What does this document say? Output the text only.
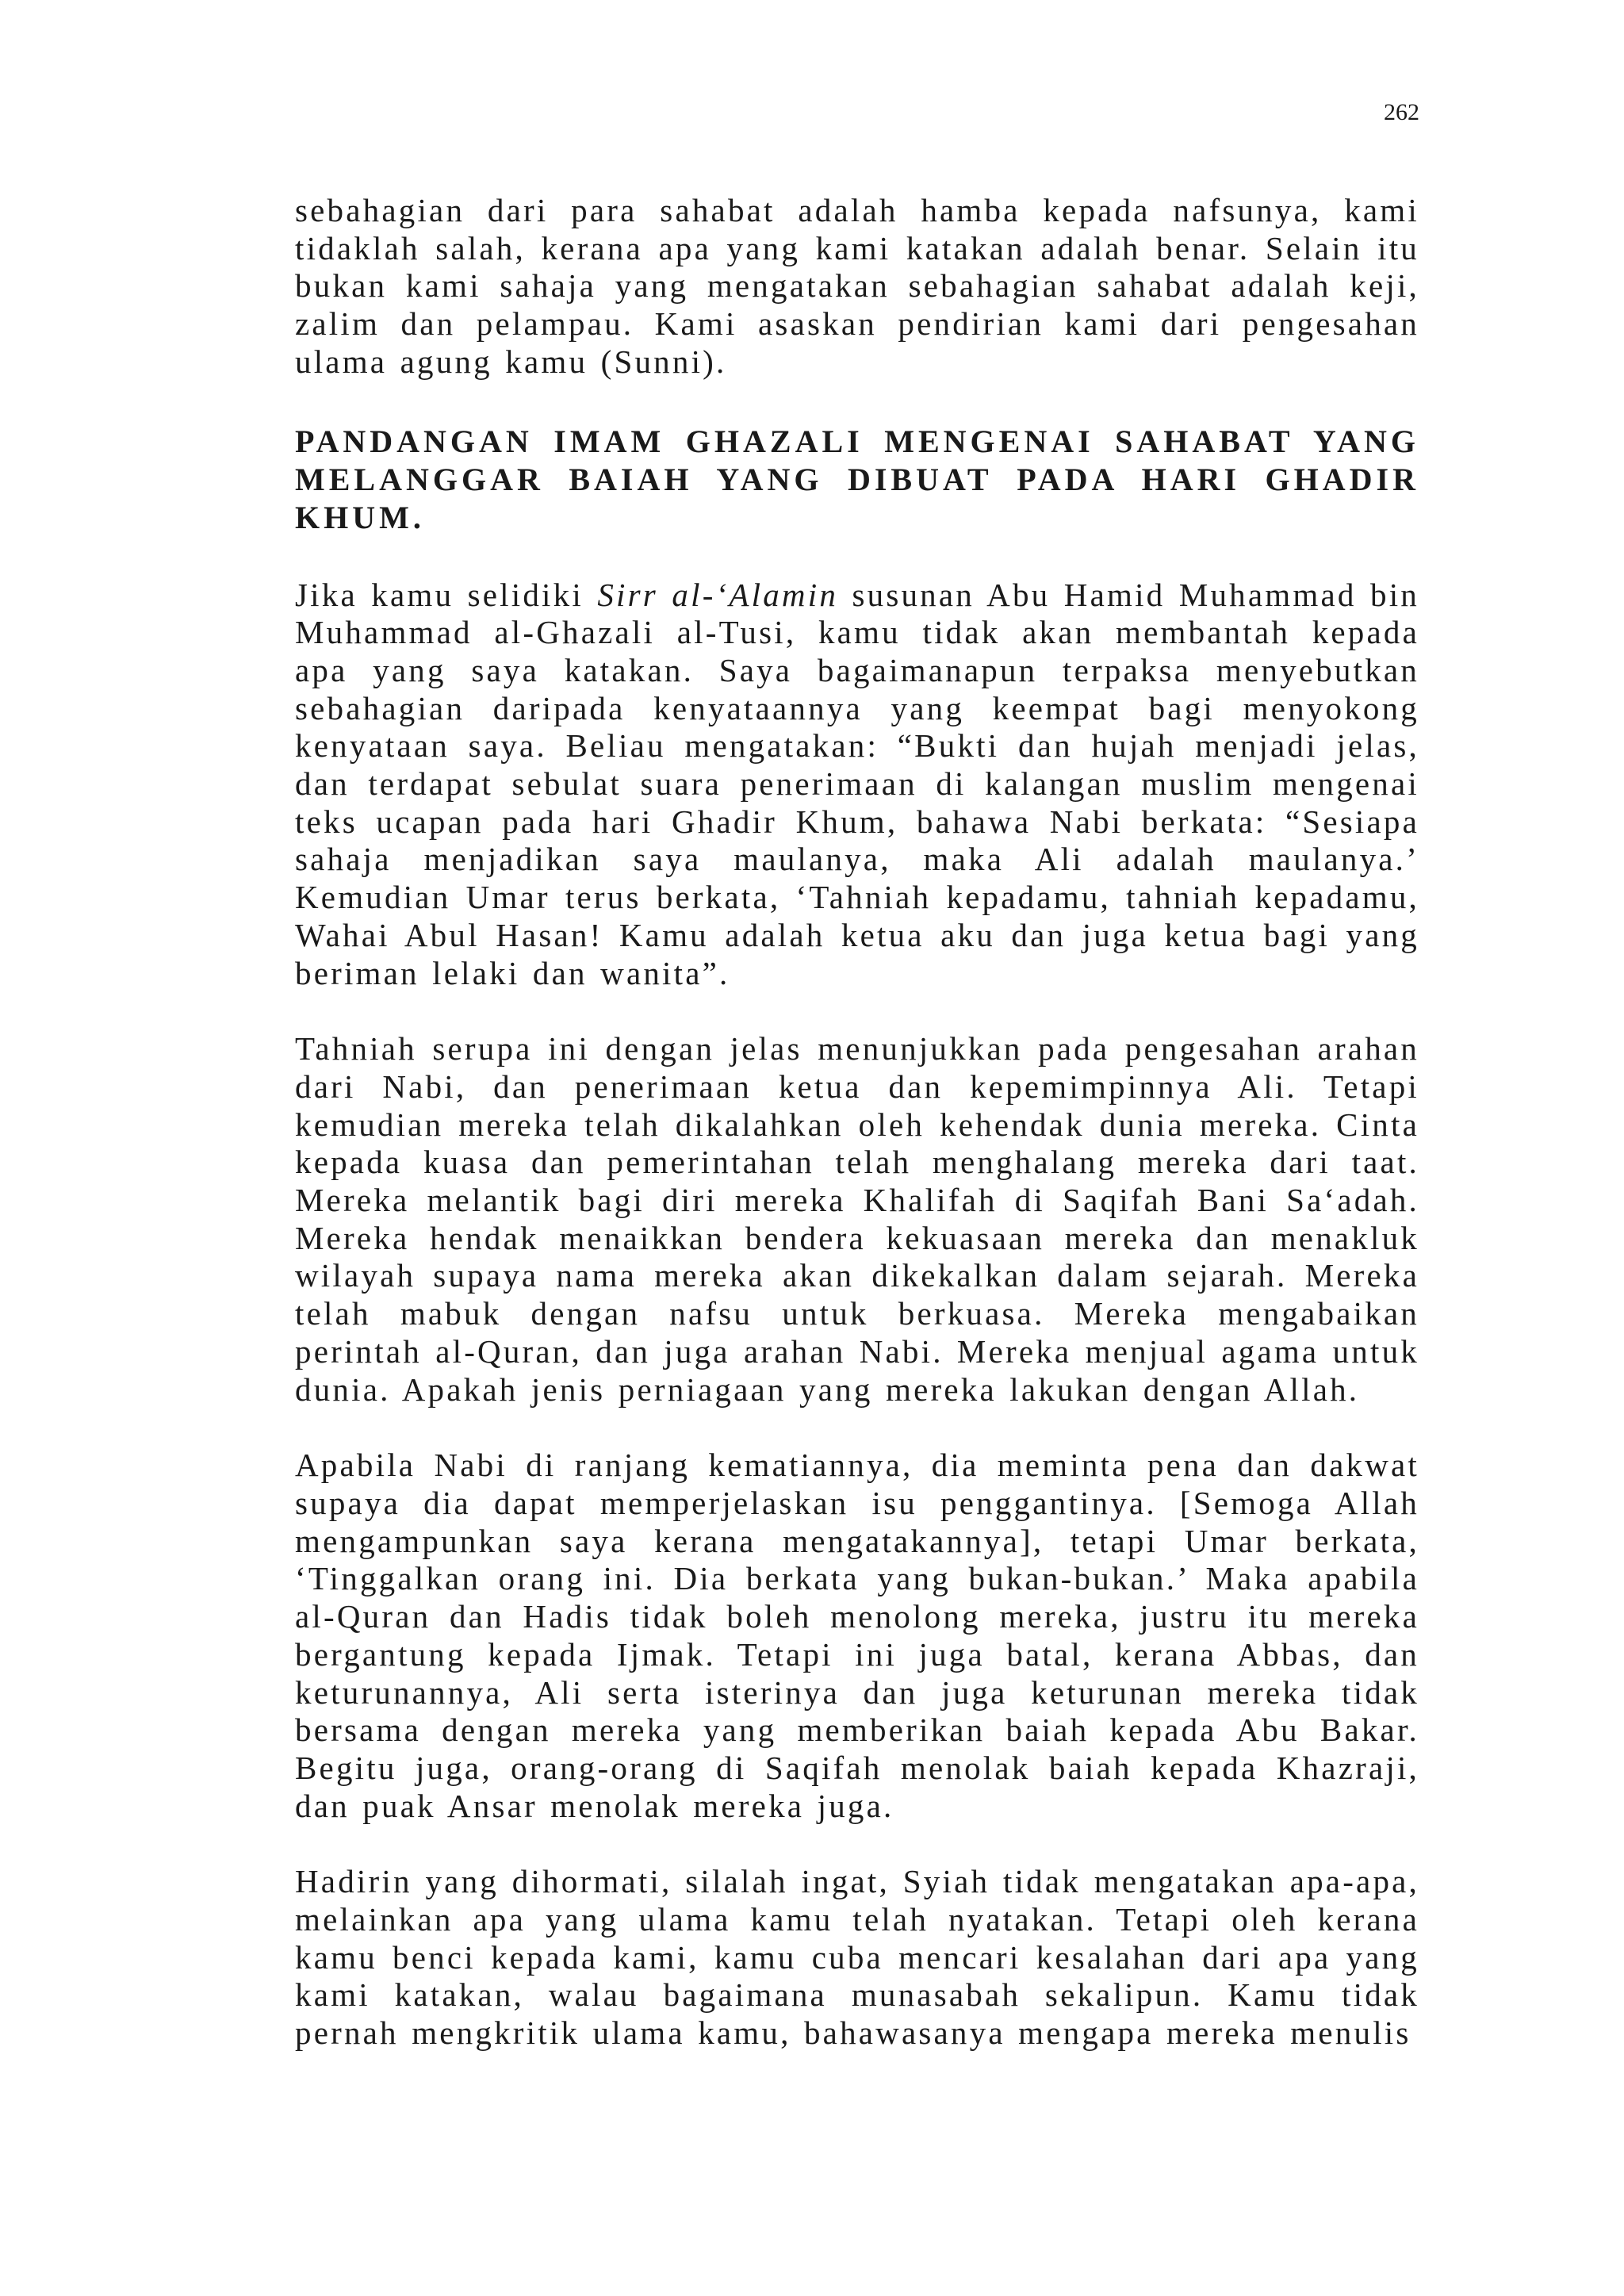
262

sebahagian dari para sahabat adalah hamba kepada nafsunya, kami tidaklah salah, kerana apa yang kami katakan adalah benar. Selain itu bukan kami sahaja yang mengatakan sebahagian sahabat adalah keji, zalim dan pelampau. Kami asaskan pendirian kami dari pengesahan ulama agung kamu (Sunni).

PANDANGAN IMAM GHAZALI MENGENAI SAHABAT YANG MELANGGAR BAIAH YANG DIBUAT PADA HARI GHADIR KHUM.

Jika kamu selidiki Sirr al-‘Alamin susunan Abu Hamid Muhammad bin Muhammad al-Ghazali al-Tusi, kamu tidak akan membantah kepada apa yang saya katakan. Saya bagaimanapun terpaksa menyebutkan sebahagian daripada kenyataannya yang keempat bagi menyokong kenyataan saya. Beliau mengatakan: “Bukti dan hujah menjadi jelas, dan terdapat sebulat suara penerimaan di kalangan muslim mengenai teks ucapan pada hari Ghadir Khum, bahawa Nabi berkata: “Sesiapa sahaja menjadikan saya maulanya, maka Ali adalah maulanya.’ Kemudian Umar terus berkata, ‘Tahniah kepadamu, tahniah kepadamu, Wahai Abul Hasan! Kamu adalah ketua aku dan juga ketua bagi yang beriman lelaki dan wanita”.

Tahniah serupa ini dengan jelas menunjukkan pada pengesahan arahan dari Nabi, dan penerimaan ketua dan kepemimpinnya Ali. Tetapi kemudian mereka telah dikalahkan oleh kehendak dunia mereka. Cinta kepada kuasa dan pemerintahan telah menghalang mereka dari taat. Mereka melantik bagi diri mereka Khalifah di Saqifah Bani Sa‘adah. Mereka hendak menaikkan bendera kekuasaan mereka dan menakluk wilayah supaya nama mereka akan dikekalkan dalam sejarah. Mereka telah mabuk dengan nafsu untuk berkuasa. Mereka mengabaikan perintah al-Quran, dan juga arahan Nabi. Mereka menjual agama untuk dunia. Apakah jenis perniagaan yang mereka lakukan dengan Allah.

Apabila Nabi di ranjang kematiannya, dia meminta pena dan dakwat supaya dia dapat memperjelaskan isu penggantinya. [Semoga Allah mengampunkan saya kerana mengatakannya], tetapi Umar berkata, ‘Tinggalkan orang ini. Dia berkata yang bukan-bukan.’ Maka apabila al-Quran dan Hadis tidak boleh menolong mereka, justru itu mereka bergantung kepada Ijmak. Tetapi ini juga batal, kerana Abbas, dan keturunannya, Ali serta isterinya dan juga keturunan mereka tidak bersama dengan mereka yang memberikan baiah kepada Abu Bakar. Begitu juga, orang-orang di Saqifah menolak baiah kepada Khazraji, dan puak Ansar menolak mereka juga.

Hadirin yang dihormati, silalah ingat, Syiah tidak mengatakan apa-apa, melainkan apa yang ulama kamu telah nyatakan. Tetapi oleh kerana kamu benci kepada kami, kamu cuba mencari kesalahan dari apa yang kami katakan, walau bagaimana munasabah sekalipun. Kamu tidak pernah mengkritik ulama kamu, bahawasanya mengapa mereka menulis
